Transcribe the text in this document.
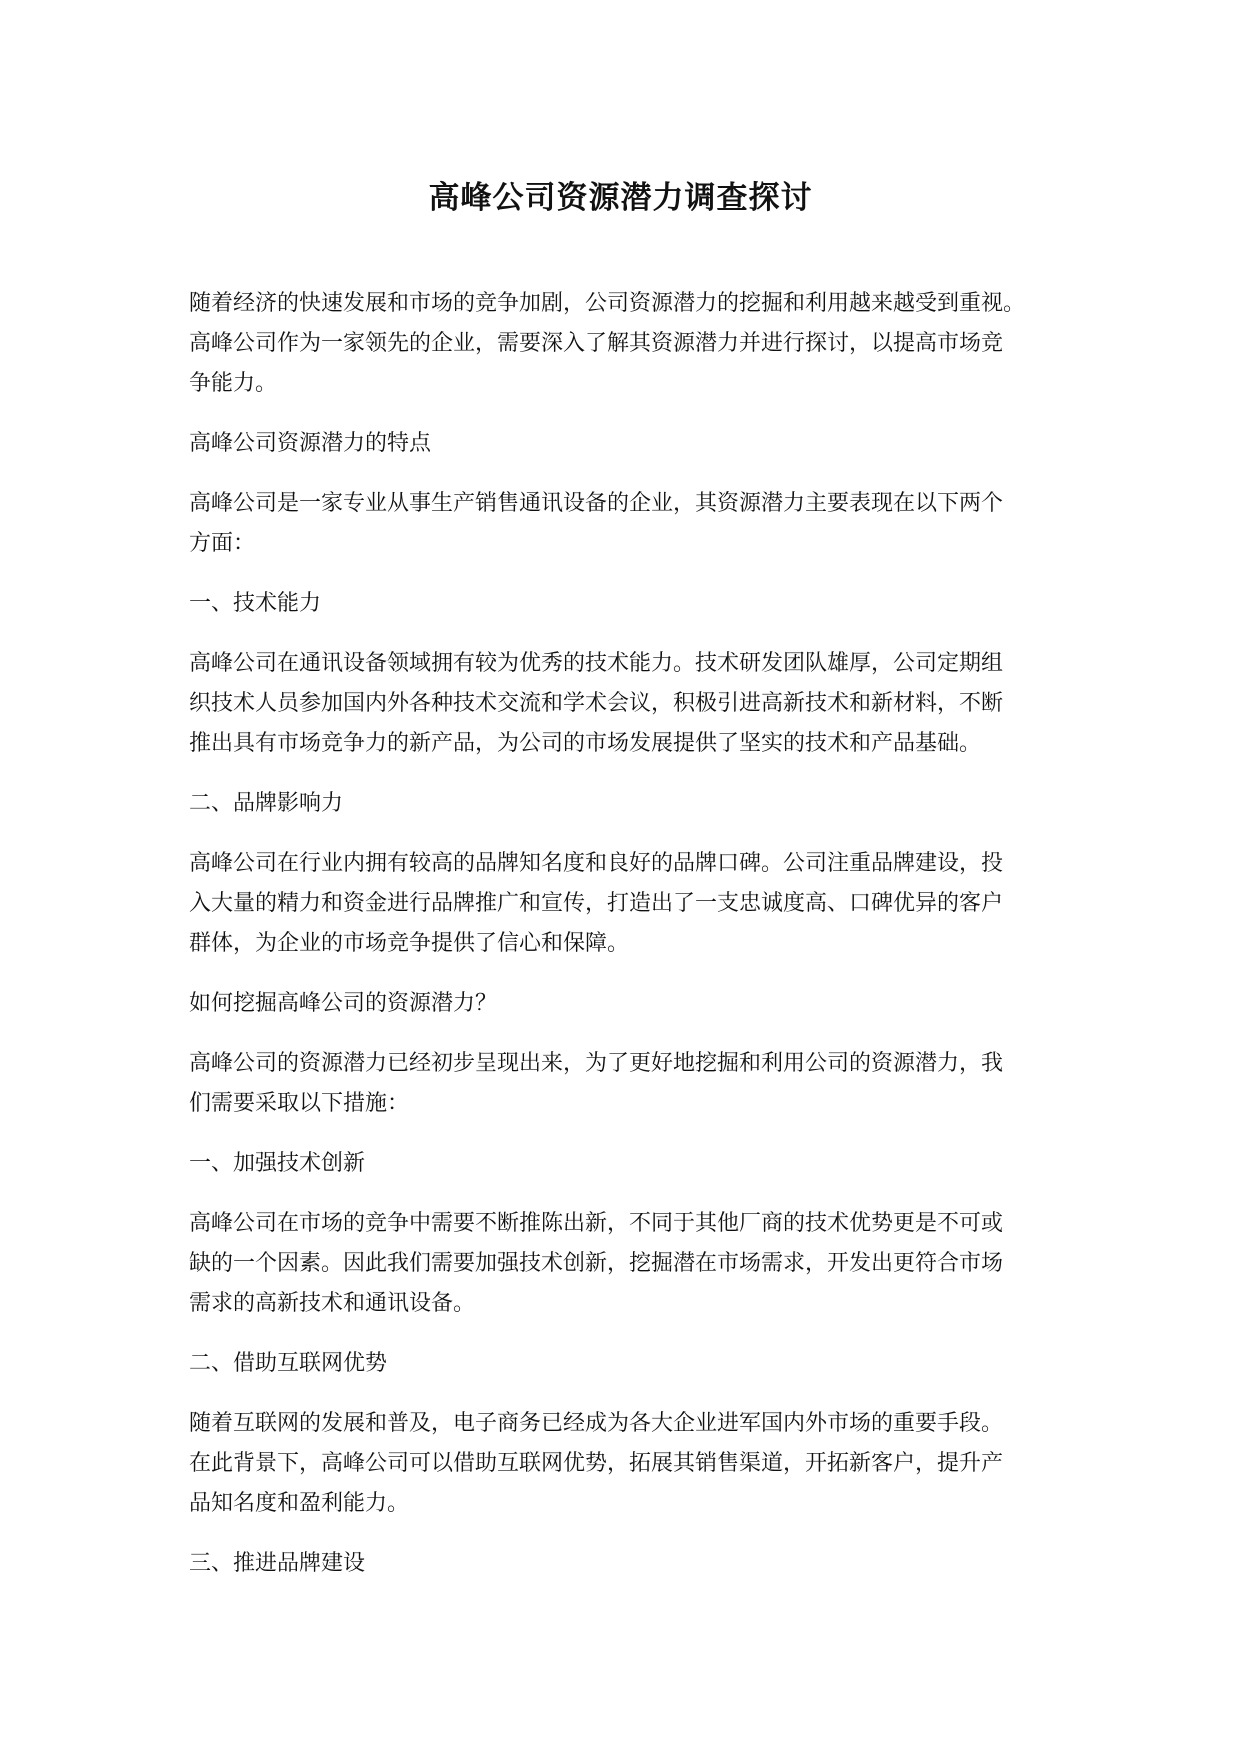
高峰公司资源潜力调查探讨

随着经济的快速发展和市场的竞争加剧，公司资源潜力的挖掘和利用越来越受到重视。
高峰公司作为一家领先的企业，需要深入了解其资源潜力并进行探讨，以提高市场竞
争能力。

高峰公司资源潜力的特点

高峰公司是一家专业从事生产销售通讯设备的企业，其资源潜力主要表现在以下两个
方面：

一、技术能力

高峰公司在通讯设备领域拥有较为优秀的技术能力。技术研发团队雄厚，公司定期组
织技术人员参加国内外各种技术交流和学术会议，积极引进高新技术和新材料，不断
推出具有市场竞争力的新产品，为公司的市场发展提供了坚实的技术和产品基础。

二、品牌影响力

高峰公司在行业内拥有较高的品牌知名度和良好的品牌口碑。公司注重品牌建设，投
入大量的精力和资金进行品牌推广和宣传，打造出了一支忠诚度高、口碑优异的客户
群体，为企业的市场竞争提供了信心和保障。

如何挖掘高峰公司的资源潜力？

高峰公司的资源潜力已经初步呈现出来，为了更好地挖掘和利用公司的资源潜力，我
们需要采取以下措施：

一、加强技术创新

高峰公司在市场的竞争中需要不断推陈出新，不同于其他厂商的技术优势更是不可或
缺的一个因素。因此我们需要加强技术创新，挖掘潜在市场需求，开发出更符合市场
需求的高新技术和通讯设备。

二、借助互联网优势

随着互联网的发展和普及，电子商务已经成为各大企业进军国内外市场的重要手段。
在此背景下，高峰公司可以借助互联网优势，拓展其销售渠道，开拓新客户，提升产
品知名度和盈利能力。

三、推进品牌建设
